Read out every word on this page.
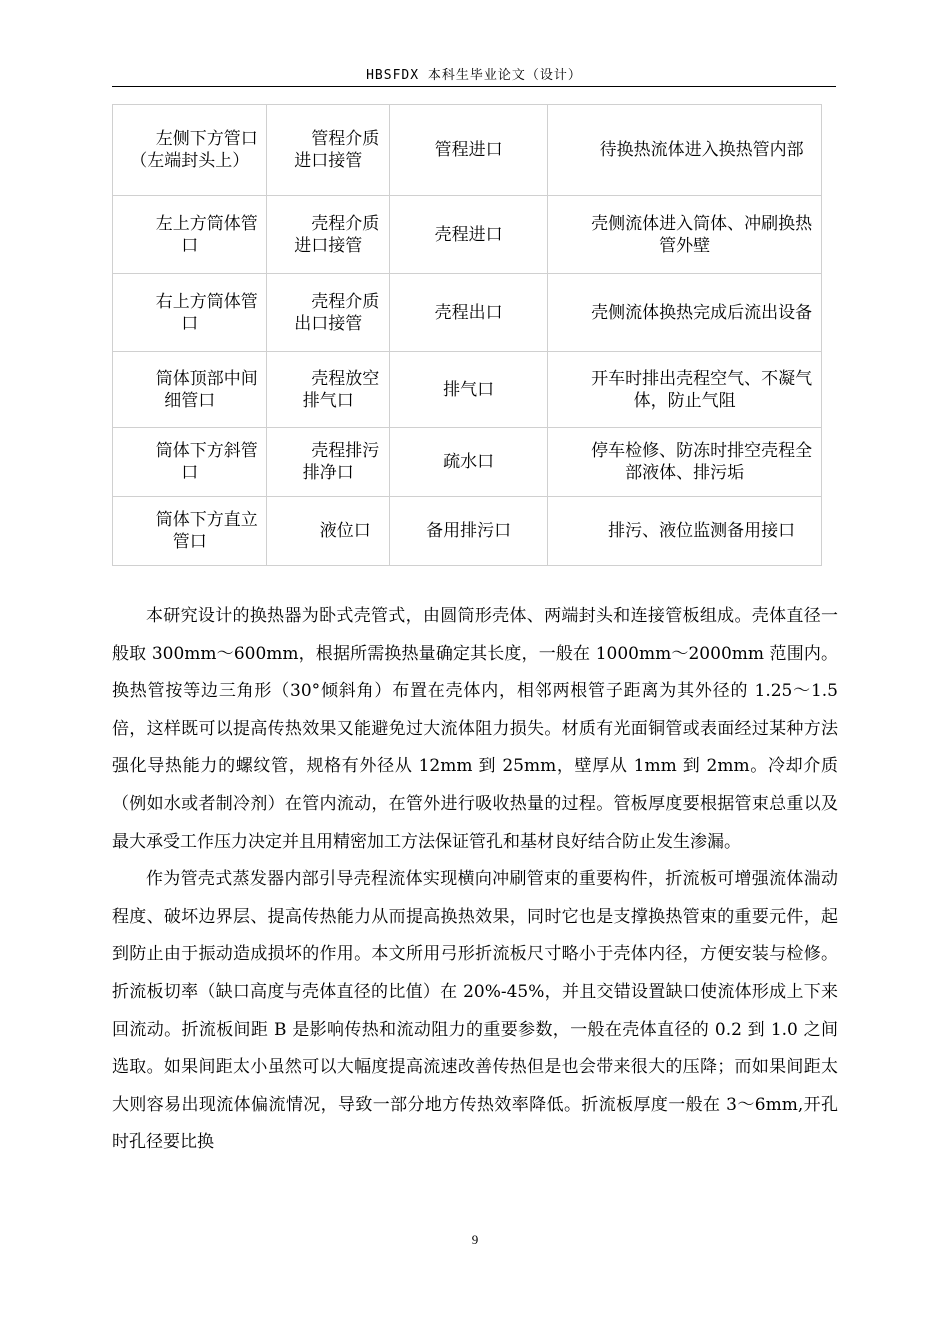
HBSFDX 本科生毕业论文（设计）
左侧下方管口（左端封头上）	管程介质进口接管	管程进口	待换热流体进入换热管内部

左上方筒体管口	壳程介质进口接管	壳程进口	壳侧流体进入筒体、冲刷换热管外壁

右上方筒体管口	壳程介质出口接管	壳程出口	壳侧流体换热完成后流出设备

筒体顶部中间细管口	壳程放空排气口	排气口	开车时排出壳程空气、不凝气体，防止气阻

筒体下方斜管口	壳程排污排净口	疏水口	停车检修、防冻时排空壳程全部液体、排污垢

筒体下方直立管口	液位口	备用排污口	排污、液位监测备用接口

本研究设计的换热器为卧式壳管式，由圆筒形壳体、两端封头和连接管板组成。壳体直径一般取 300mm～600mm，根据所需换热量确定其长度，一般在 1000mm～2000mm 范围内。换热管按等边三角形（30°倾斜角）布置在壳体内，相邻两根管子距离为其外径的 1.25～1.5 倍，这样既可以提高传热效果又能避免过大流体阻力损失。材质有光面铜管或表面经过某种方法强化导热能力的螺纹管，规格有外径从 12mm 到 25mm，壁厚从 1mm 到 2mm。冷却介质（例如水或者制冷剂）在管内流动，在管外进行吸收热量的过程。管板厚度要根据管束总重以及最大承受工作压力决定并且用精密加工方法保证管孔和基材良好结合防止发生渗漏。

作为管壳式蒸发器内部引导壳程流体实现横向冲刷管束的重要构件，折流板可增强流体湍动程度、破坏边界层、提高传热能力从而提高换热效果，同时它也是支撑换热管束的重要元件，起到防止由于振动造成损坏的作用。本文所用弓形折流板尺寸略小于壳体内径，方便安装与检修。折流板切率（缺口高度与壳体直径的比值）在 20%-45%，并且交错设置缺口使流体形成上下来回流动。折流板间距 B 是影响传热和流动阻力的重要参数，一般在壳体直径的 0.2 到 1.0 之间选取。如果间距太小虽然可以大幅度提高流速改善传热但是也会带来很大的压降；而如果间距太大则容易出现流体偏流情况，导致一部分地方传热效率降低。折流板厚度一般在 3～6mm,开孔时孔径要比换

9
